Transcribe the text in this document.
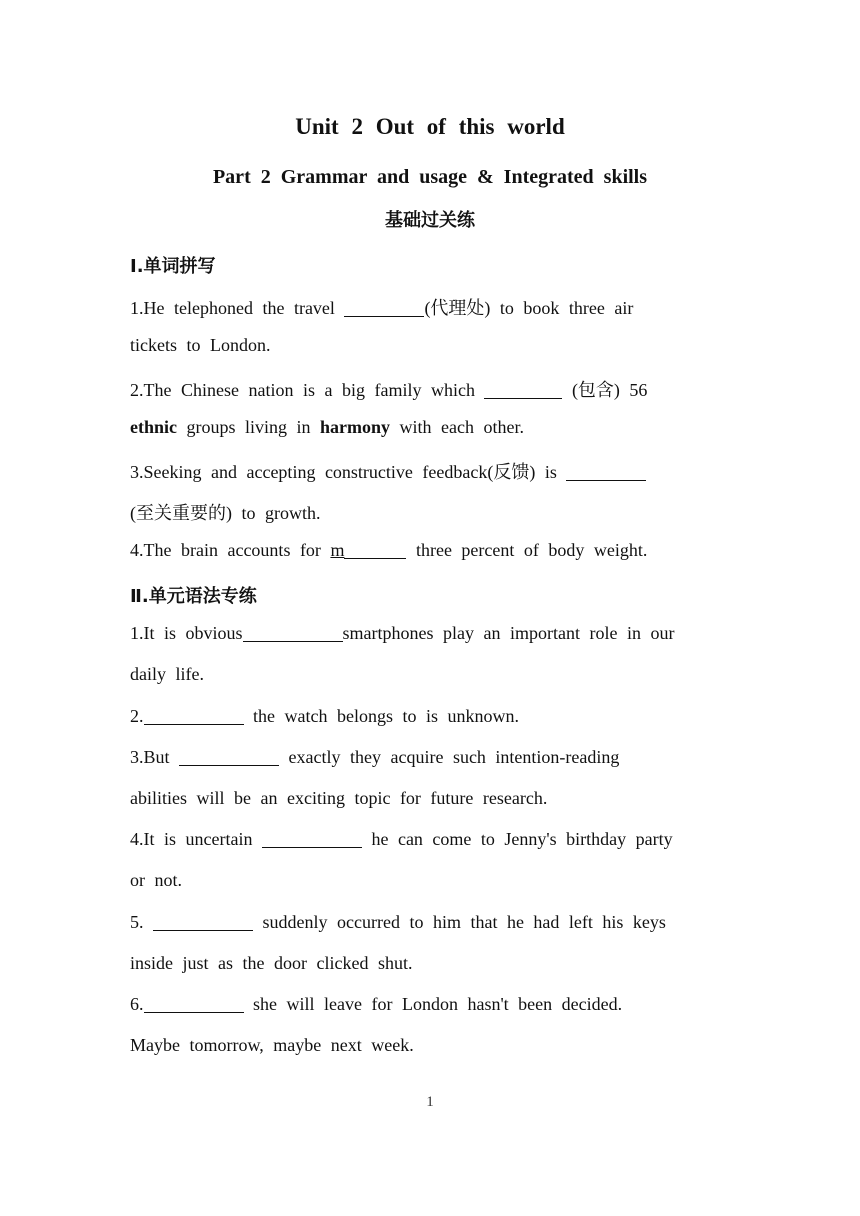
Unit 2 Out of this world
Part 2 Grammar and usage & Integrated skills
基础过关练
Ⅰ.单词拼写
1.He telephoned the travel	(代理处) to book three air
tickets to London.
2.The Chinese nation is a big family which	(包含) 56
ethnic groups living in harmony with each other.
3.Seeking and accepting constructive feedback(反馈) is
(至关重要的) to growth.
4.The brain accounts for m	three percent of body weight.
Ⅱ.单元语法专练
1.It is obvious	smartphones play an important role in our
daily life.
2.	the watch belongs to is unknown.
3.But	exactly they acquire such intention-reading
abilities will be an exciting topic for future research.
4.It is uncertain	he can come to Jenny's birthday party
or not.
5.	suddenly occurred to him that he had left his keys
inside just as the door clicked shut.
6.	she will leave for London hasn't been decided.
Maybe tomorrow, maybe next week.
1
